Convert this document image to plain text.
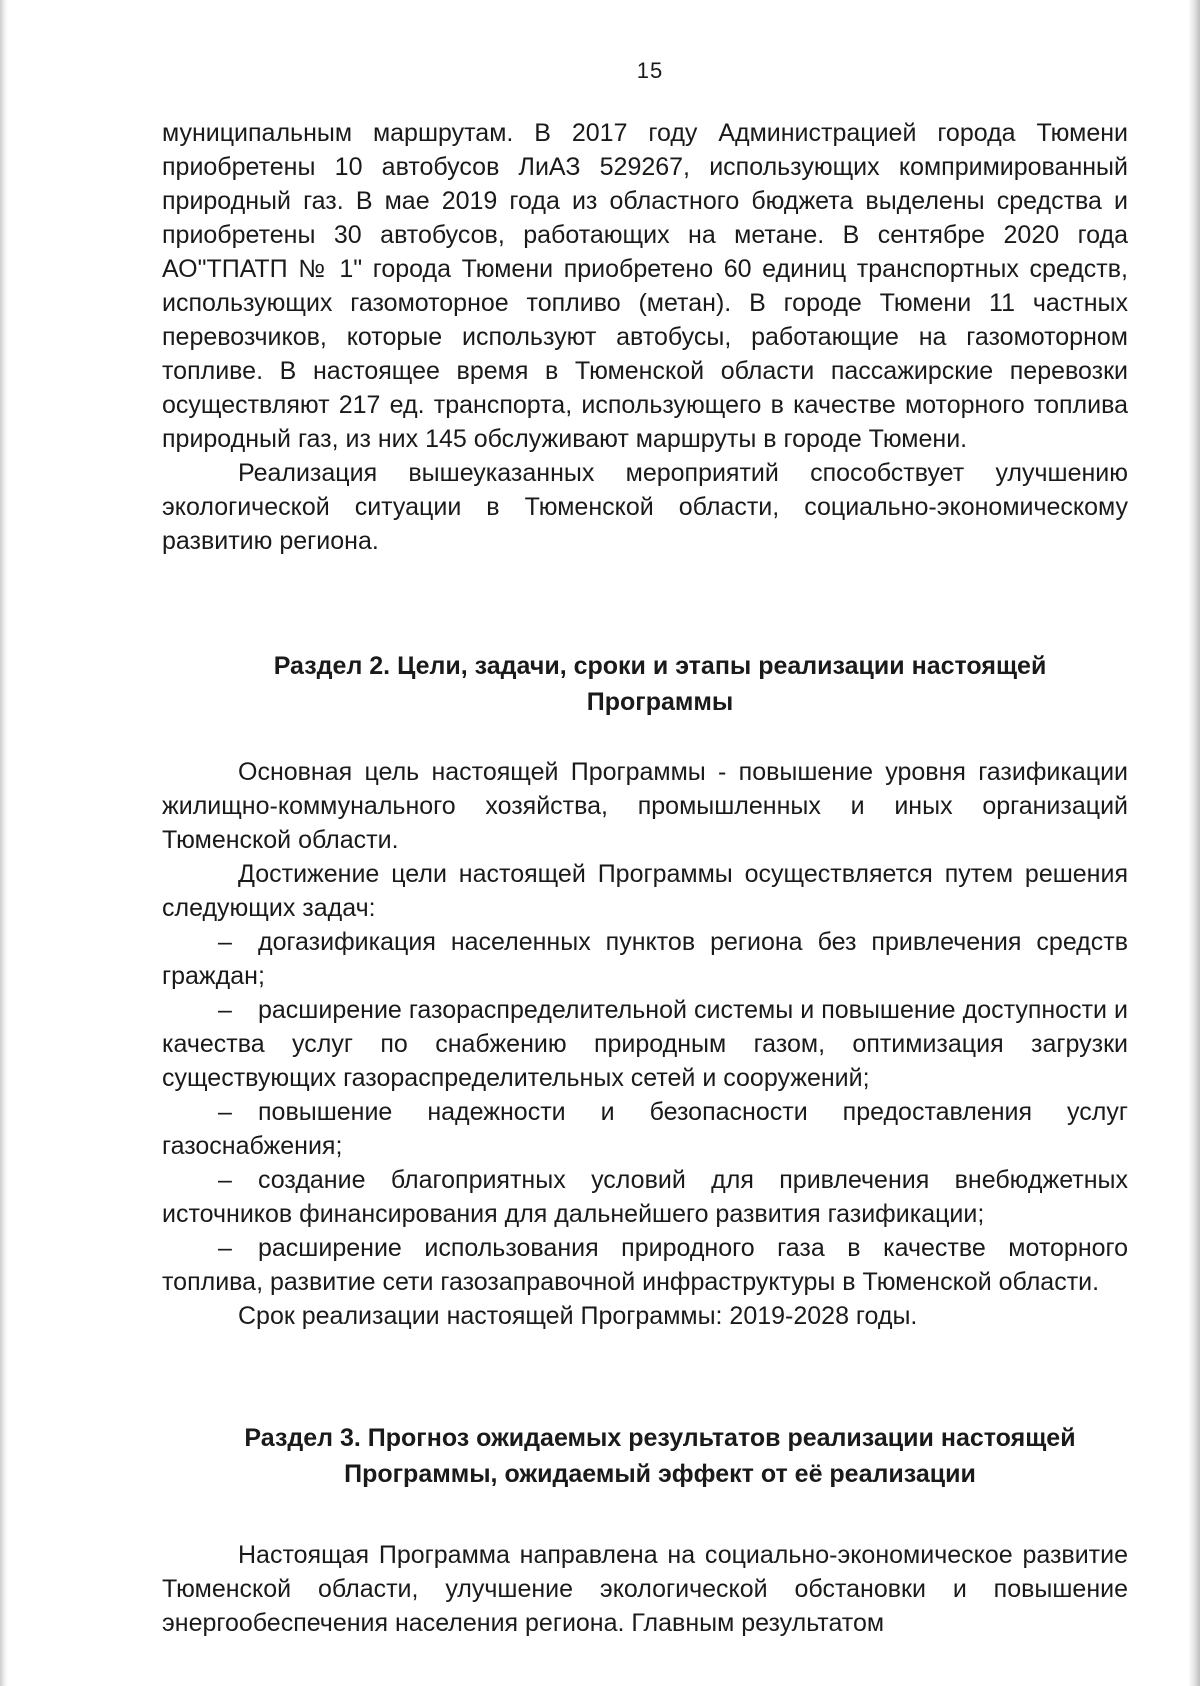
15

муниципальным маршрутам. В 2017 году Администрацией города Тюмени приобретены 10 автобусов ЛиАЗ 529267, использующих компримированный природный газ. В мае 2019 года из областного бюджета выделены средства и приобретены 30 автобусов, работающих на метане. В сентябре 2020 года АО"ТПАТП № 1" города Тюмени приобретено 60 единиц транспортных средств, использующих газомоторное топливо (метан). В городе Тюмени 11 частных перевозчиков, которые используют автобусы, работающие на газомоторном топливе. В настоящее время в Тюменской области пассажирские перевозки осуществляют 217 ед. транспорта, использующего в качестве моторного топлива природный газ, из них 145 обслуживают маршруты в городе Тюмени.

Реализация вышеуказанных мероприятий способствует улучшению экологической ситуации в Тюменской области, социально-экономическому развитию региона.

Раздел 2. Цели, задачи, сроки и этапы реализации настоящей
Программы

Основная цель настоящей Программы - повышение уровня газификации жилищно-коммунального хозяйства, промышленных и иных организаций Тюменской области.

Достижение цели настоящей Программы осуществляется путем решения следующих задач:

– догазификация населенных пунктов региона без привлечения средств граждан;
– расширение газораспределительной системы и повышение доступности и качества услуг по снабжению природным газом, оптимизация загрузки существующих газораспределительных сетей и сооружений;
– повышение надежности и безопасности предоставления услуг газоснабжения;
– создание благоприятных условий для привлечения внебюджетных источников финансирования для дальнейшего развития газификации;
– расширение использования природного газа в качестве моторного топлива, развитие сети газозаправочной инфраструктуры в Тюменской области.

Срок реализации настоящей Программы: 2019-2028 годы.

Раздел 3. Прогноз ожидаемых результатов реализации настоящей
Программы, ожидаемый эффект от её реализации

Настоящая Программа направлена на социально-экономическое развитие Тюменской области, улучшение экологической обстановки и повышение энергообеспечения населения региона. Главным результатом
